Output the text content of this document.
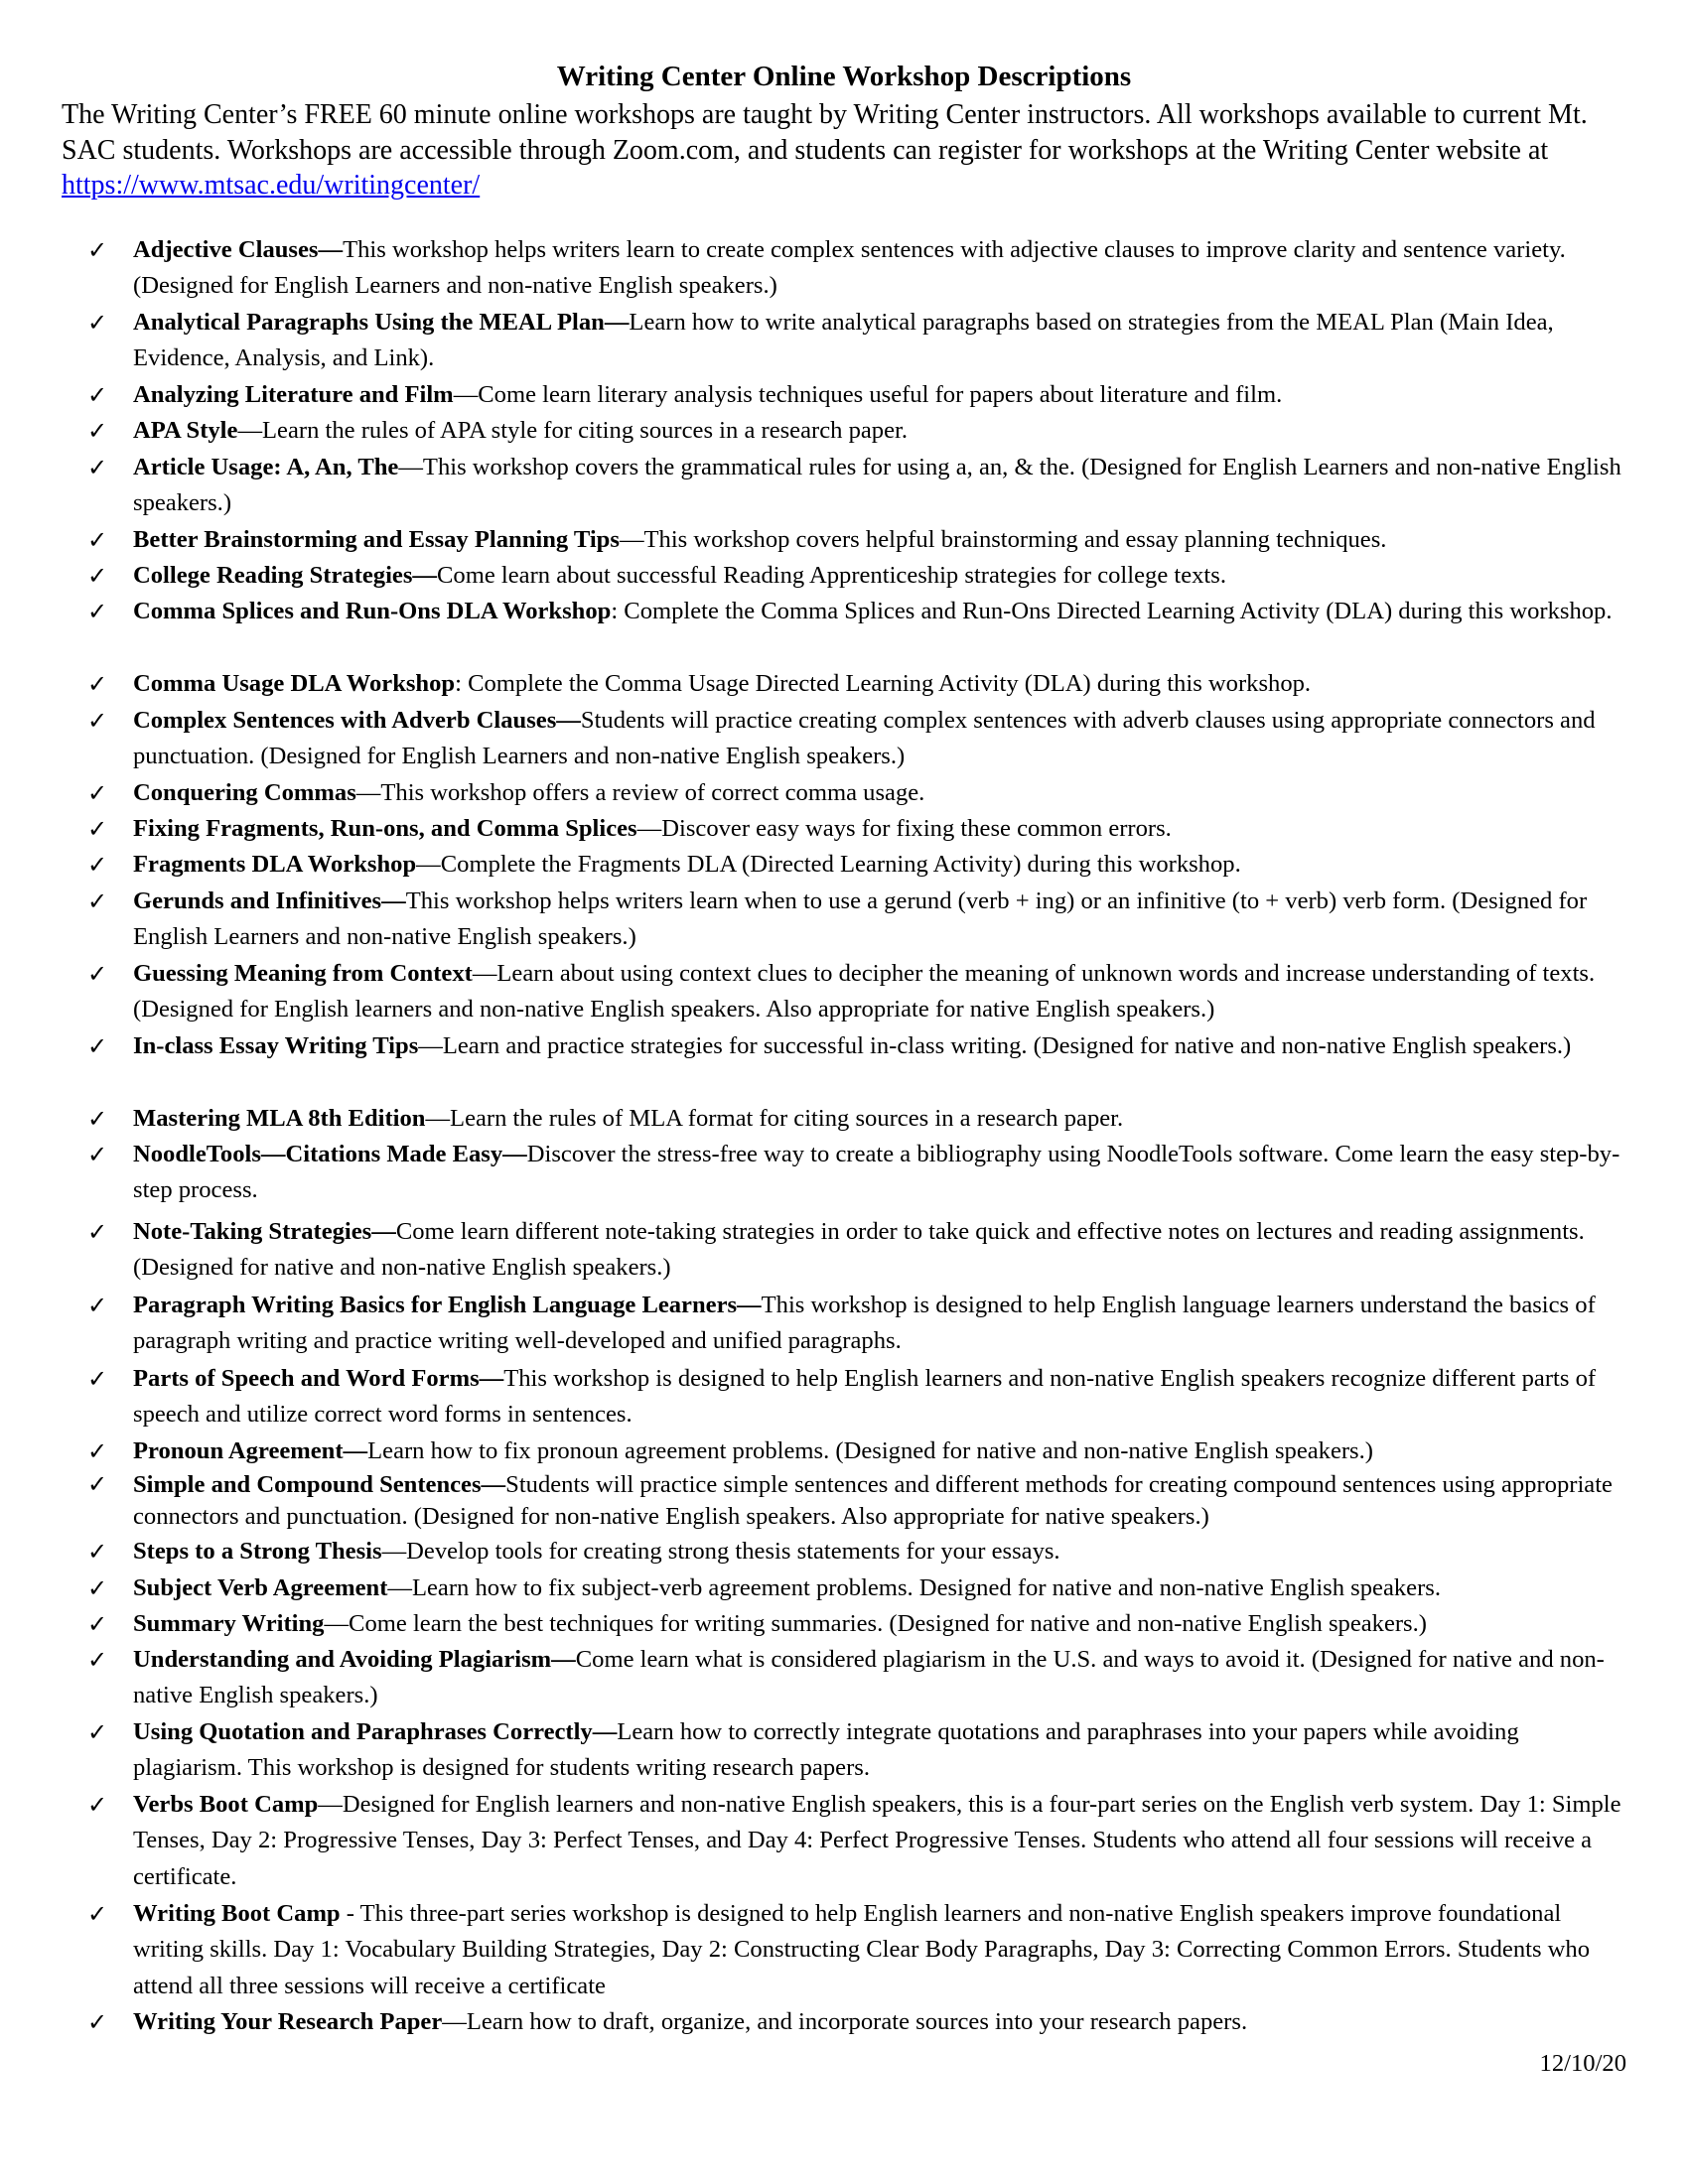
Writing Center Online Workshop Descriptions

The Writing Center’s FREE 60 minute online workshops are taught by Writing Center instructors. All workshops available to current Mt. SAC students. Workshops are accessible through Zoom.com, and students can register for workshops at the Writing Center website at https://www.mtsac.edu/writingcenter/

✓ Adjective Clauses—This workshop helps writers learn to create complex sentences with adjective clauses to improve clarity and sentence variety. (Designed for English Learners and non-native English speakers.)
✓ Analytical Paragraphs Using the MEAL Plan—Learn how to write analytical paragraphs based on strategies from the MEAL Plan (Main Idea, Evidence, Analysis, and Link).
✓ Analyzing Literature and Film—Come learn literary analysis techniques useful for papers about literature and film.
✓ APA Style—Learn the rules of APA style for citing sources in a research paper.
✓ Article Usage: A, An, The—This workshop covers the grammatical rules for using a, an, & the. (Designed for English Learners and non-native English speakers.)
✓ Better Brainstorming and Essay Planning Tips—This workshop covers helpful brainstorming and essay planning techniques.
✓ College Reading Strategies—Come learn about successful Reading Apprenticeship strategies for college texts.
✓ Comma Splices and Run-Ons DLA Workshop: Complete the Comma Splices and Run-Ons Directed Learning Activity (DLA) during this workshop.
✓ Comma Usage DLA Workshop: Complete the Comma Usage Directed Learning Activity (DLA) during this workshop.
✓ Complex Sentences with Adverb Clauses—Students will practice creating complex sentences with adverb clauses using appropriate connectors and punctuation. (Designed for English Learners and non-native English speakers.)
✓ Conquering Commas—This workshop offers a review of correct comma usage.
✓ Fixing Fragments, Run-ons, and Comma Splices—Discover easy ways for fixing these common errors.
✓ Fragments DLA Workshop—Complete the Fragments DLA (Directed Learning Activity) during this workshop.
✓ Gerunds and Infinitives—This workshop helps writers learn when to use a gerund (verb + ing) or an infinitive (to + verb) verb form. (Designed for English Learners and non-native English speakers.)
✓ Guessing Meaning from Context—Learn about using context clues to decipher the meaning of unknown words and increase understanding of texts. (Designed for English learners and non-native English speakers. Also appropriate for native English speakers.)
✓ In-class Essay Writing Tips—Learn and practice strategies for successful in-class writing. (Designed for native and non-native English speakers.)
✓ Mastering MLA 8th Edition—Learn the rules of MLA format for citing sources in a research paper.
✓ NoodleTools—Citations Made Easy—Discover the stress-free way to create a bibliography using NoodleTools software. Come learn the easy step-by-step process.
✓ Note-Taking Strategies—Come learn different note-taking strategies in order to take quick and effective notes on lectures and reading assignments. (Designed for native and non-native English speakers.)
✓ Paragraph Writing Basics for English Language Learners—This workshop is designed to help English language learners understand the basics of paragraph writing and practice writing well-developed and unified paragraphs.
✓ Parts of Speech and Word Forms—This workshop is designed to help English learners and non-native English speakers recognize different parts of speech and utilize correct word forms in sentences.
✓ Pronoun Agreement—Learn how to fix pronoun agreement problems. (Designed for native and non-native English speakers.)
✓ Simple and Compound Sentences—Students will practice simple sentences and different methods for creating compound sentences using appropriate connectors and punctuation. (Designed for non-native English speakers. Also appropriate for native speakers.)
✓ Steps to a Strong Thesis—Develop tools for creating strong thesis statements for your essays.
✓ Subject Verb Agreement—Learn how to fix subject-verb agreement problems. Designed for native and non-native English speakers.
✓ Summary Writing—Come learn the best techniques for writing summaries. (Designed for native and non-native English speakers.)
✓ Understanding and Avoiding Plagiarism—Come learn what is considered plagiarism in the U.S. and ways to avoid it. (Designed for native and non-native English speakers.)
✓ Using Quotation and Paraphrases Correctly—Learn how to correctly integrate quotations and paraphrases into your papers while avoiding plagiarism. This workshop is designed for students writing research papers.
✓ Verbs Boot Camp—Designed for English learners and non-native English speakers, this is a four-part series on the English verb system. Day 1: Simple Tenses, Day 2: Progressive Tenses, Day 3: Perfect Tenses, and Day 4: Perfect Progressive Tenses. Students who attend all four sessions will receive a certificate.
✓ Writing Boot Camp - This three-part series workshop is designed to help English learners and non-native English speakers improve foundational writing skills. Day 1: Vocabulary Building Strategies, Day 2: Constructing Clear Body Paragraphs, Day 3: Correcting Common Errors. Students who attend all three sessions will receive a certificate
✓ Writing Your Research Paper—Learn how to draft, organize, and incorporate sources into your research papers.
12/10/20
